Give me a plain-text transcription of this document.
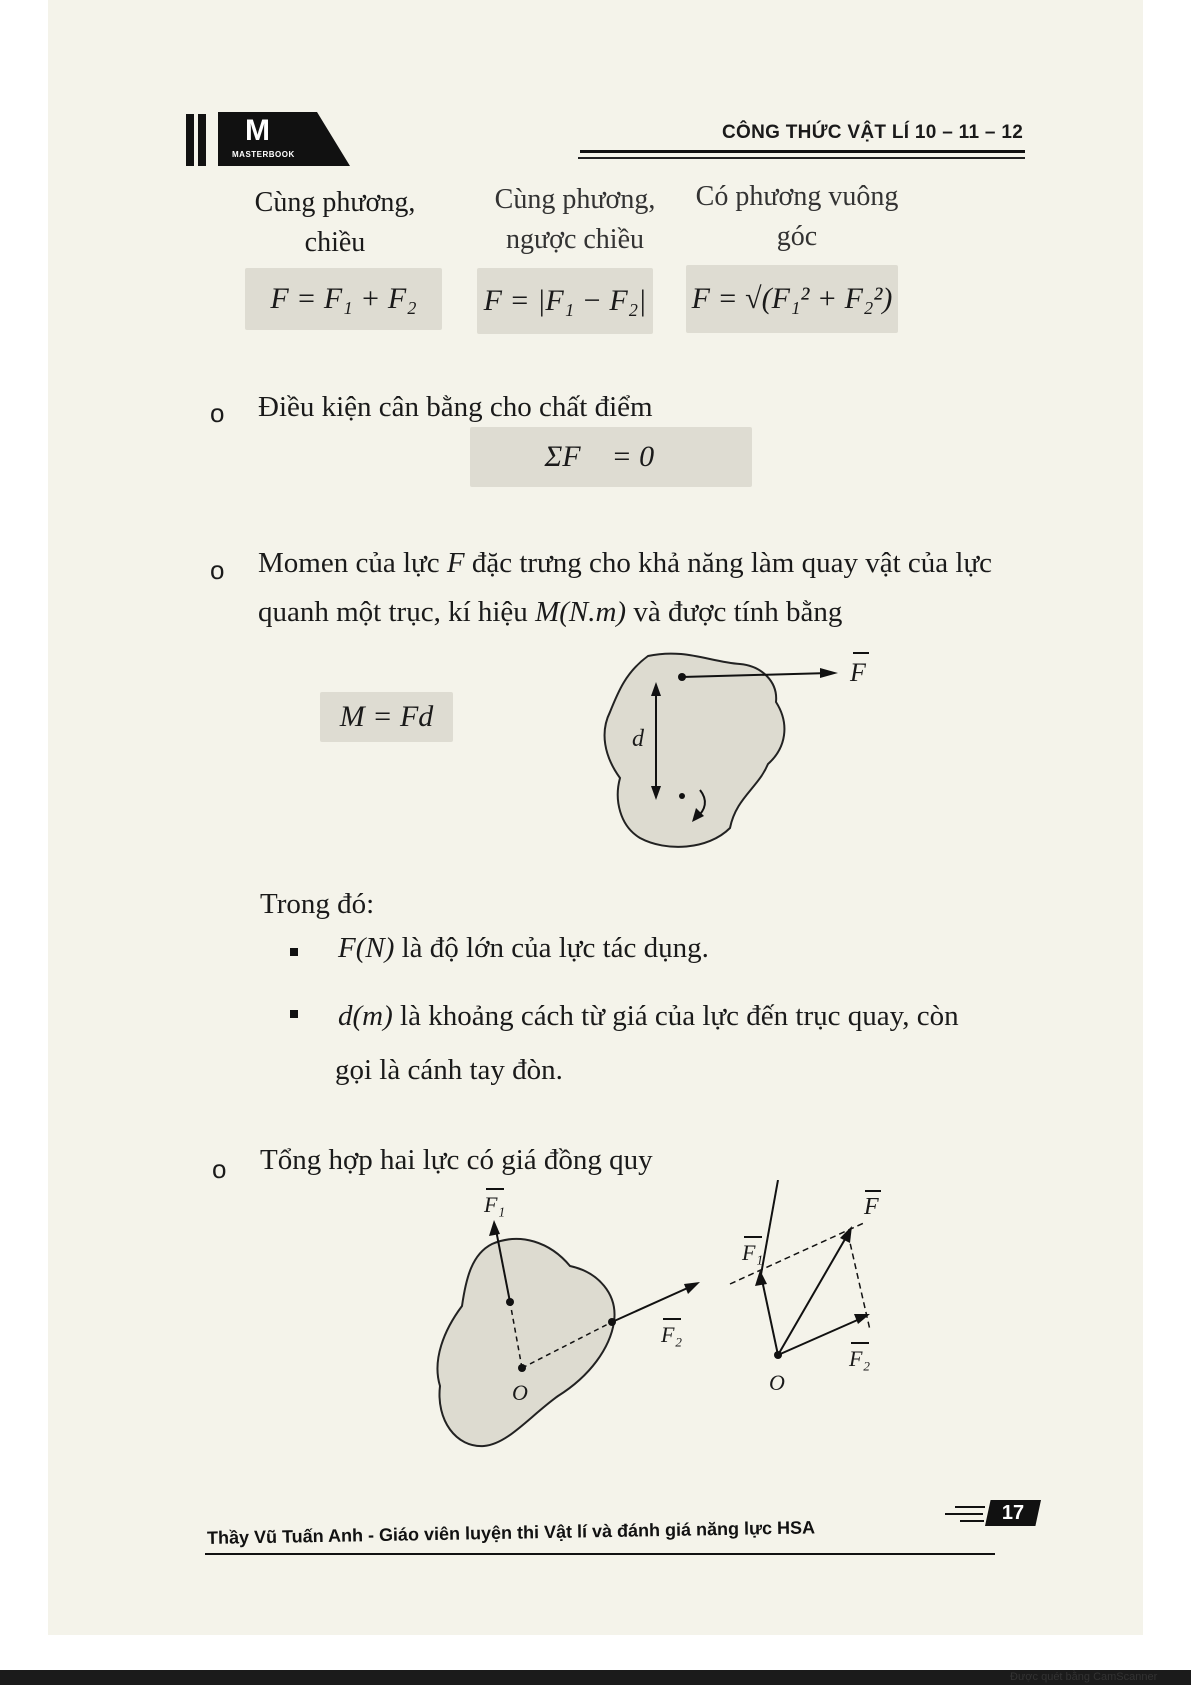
M
MASTERBOOK
CÔNG THỨC VẬT LÍ 10 – 11 – 12
Cùng phương,
chiều
Cùng phương,
ngược chiều
Có phương vuông
góc
F = F₁ + F₂	F = |F₁ − F₂| F = √(F₁² + F₂²)
o Điều kiện cân bằng cho chất điểm
ΣF⃗ = 0⃗
o Momen của lực F đặc trưng cho khả năng làm quay vật của lực
quanh một trục, kí hiệu M(N.m) và được tính bằng
M = Fd
F
d
Trong đó:
F(N) là độ lớn của lực tác dụng.
d(m) là khoảng cách từ giá của lực đến trục quay, còn
gọi là cánh tay đòn.
o Tổng hợp hai lực có giá đồng quy
F₁
F₂
O
F₁
F₂
F
O
Thầy Vũ Tuấn Anh - Giáo viên luyện thi Vật lí và đánh giá năng lực HSA
17
Được quét bằng CamScanner
